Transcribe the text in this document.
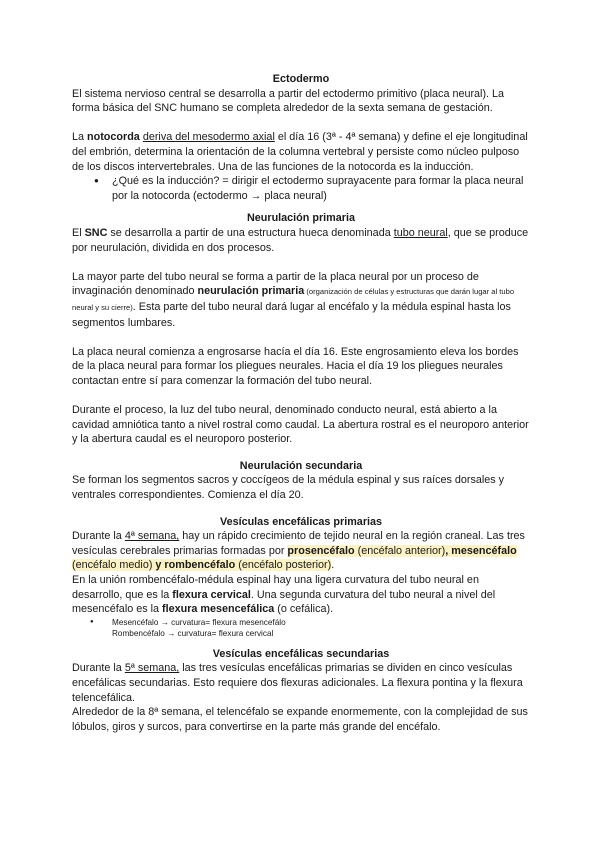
Ectodermo

El sistema nervioso central se desarrolla a partir del ectodermo primitivo (placa neural). La forma básica del SNC humano se completa alrededor de la sexta semana de gestación.

La notocorda deriva del mesodermo axial el día 16 (3ª - 4ª semana) y define el eje longitudinal del embrión, determina la orientación de la columna vertebral y persiste como núcleo pulposo de los discos intervertebrales. Una de las funciones de la notocorda es la inducción.

● ¿Qué es la inducción? = dirigir el ectodermo suprayacente para formar la placa neural por la notocorda (ectodermo → placa neural)
Neurulación primaria

El SNC se desarrolla a partir de una estructura hueca denominada tubo neural, que se produce por neurulación, dividida en dos procesos.

La mayor parte del tubo neural se forma a partir de la placa neural por un proceso de invaginación denominado neurulación primaria (organización de células y estructuras que darán lugar al tubo neural y su cierre). Esta parte del tubo neural dará lugar al encéfalo y la médula espinal hasta los segmentos lumbares.

La placa neural comienza a engrosarse hacía el día 16. Este engrosamiento eleva los bordes de la placa neural para formar los pliegues neurales. Hacia el día 19 los pliegues neurales contactan entre sí para comenzar la formación del tubo neural.

Durante el proceso, la luz del tubo neural, denominado conducto neural, está abierto a la cavidad amniótica tanto a nivel rostral como caudal. La abertura rostral es el neuroporo anterior y la abertura caudal es el neuroporo posterior.

Neurulación secundaria

Se forman los segmentos sacros y coccígeos de la médula espinal y sus raíces dorsales y ventrales correspondientes. Comienza el día 20.

Vesículas encefálicas primarias

Durante la 4ª semana, hay un rápido crecimiento de tejido neural en la región craneal. Las tres vesículas cerebrales primarias formadas por prosencéfalo (encéfalo anterior), mesencéfalo (encéfalo medio) y rombencéfalo (encéfalo posterior).

En la unión rombencéfalo-médula espinal hay una ligera curvatura del tubo neural en desarrollo, que es la flexura cervical. Una segunda curvatura del tubo neural a nivel del mesencéfalo es la flexura mesencefálica (o cefálica).

● Mesencéfalo → curvatura= flexura mesencefálo
Rombencéfalo → curvatura= flexura cervical
Vesículas encefálicas secundarias

Durante la 5ª semana, las tres vesículas encefálicas primarias se dividen en cinco vesículas encefálicas secundarias. Esto requiere dos flexuras adicionales. La flexura pontina y la flexura telencefálica.

Alrededor de la 8ª semana, el telencéfalo se expande enormemente, con la complejidad de sus lóbulos, giros y surcos, para convertirse en la parte más grande del encéfalo.
